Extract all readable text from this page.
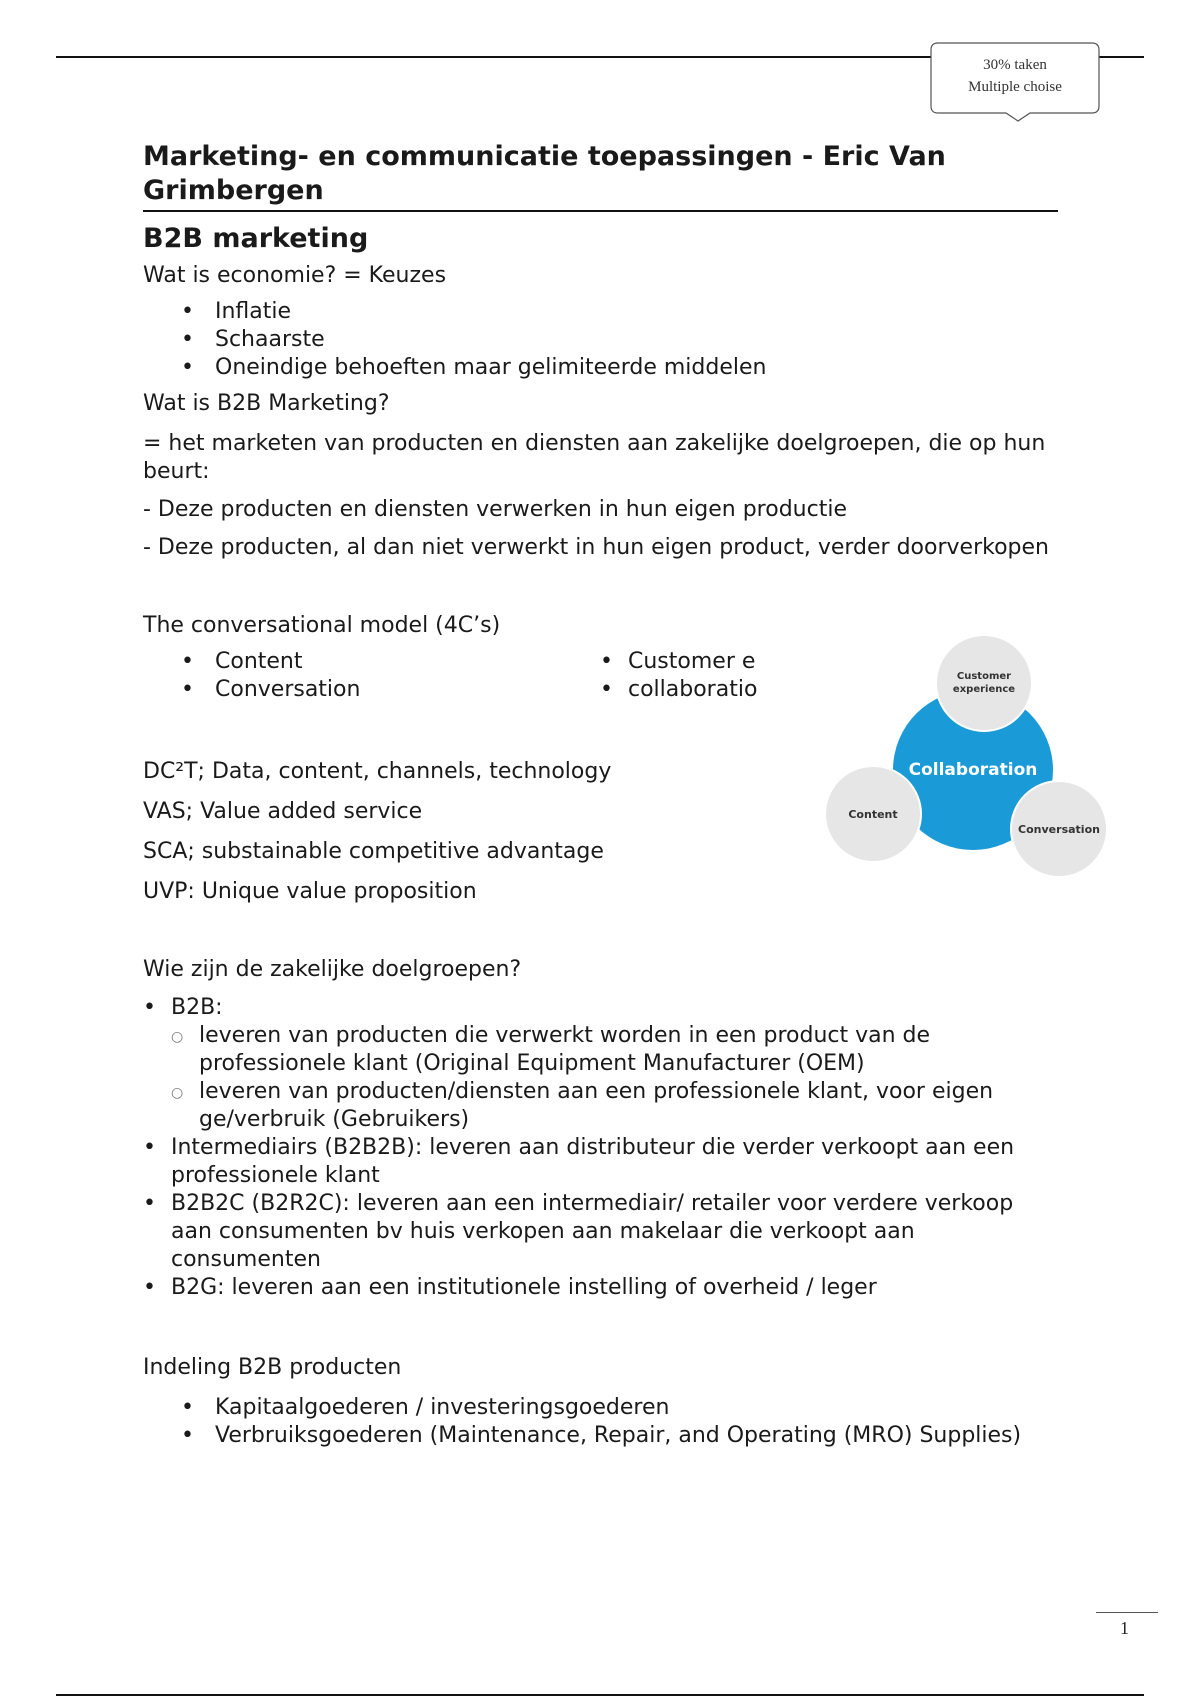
30% taken
Multiple choise
Marketing- en communicatie toepassingen - Eric Van Grimbergen
B2B marketing

Wat is economie? = Keuzes

• Inflatie
• Schaarste
• Oneindige behoeften maar gelimiteerde middelen

Wat is B2B Marketing?

= het marketen van producten en diensten aan zakelijke doelgroepen, die op hun beurt:

- Deze producten en diensten verwerken in hun eigen productie

- Deze producten, al dan niet verwerkt in hun eigen product, verder doorverkopen

The conversational model (4C’s)

• Content
• Conversation
• Customer e
• collaboratio

DC²T; Data, content, channels, technology

VAS; Value added service

SCA; substainable competitive advantage

UVP: Unique value proposition

Wie zijn de zakelijke doelgroepen?

• B2B:
○ leveren van producten die verwerkt worden in een product van de professionele klant (Original Equipment Manufacturer (OEM)
○ leveren van producten/diensten aan een professionele klant, voor eigen ge/verbruik (Gebruikers)
• Intermediairs (B2B2B): leveren aan distributeur die verder verkoopt aan een professionele klant
• B2B2C (B2R2C): leveren aan een intermediair/ retailer voor verdere verkoop aan consumenten bv huis verkopen aan makelaar die verkoopt aan consumenten
• B2G: leveren aan een institutionele instelling of overheid / leger

Indeling B2B producten

• Kapitaalgoederen / investeringsgoederen
• Verbruiksgoederen (Maintenance, Repair, and Operating (MRO) Supplies)
Collaboration
Customer experience
Content
Conversation
1
